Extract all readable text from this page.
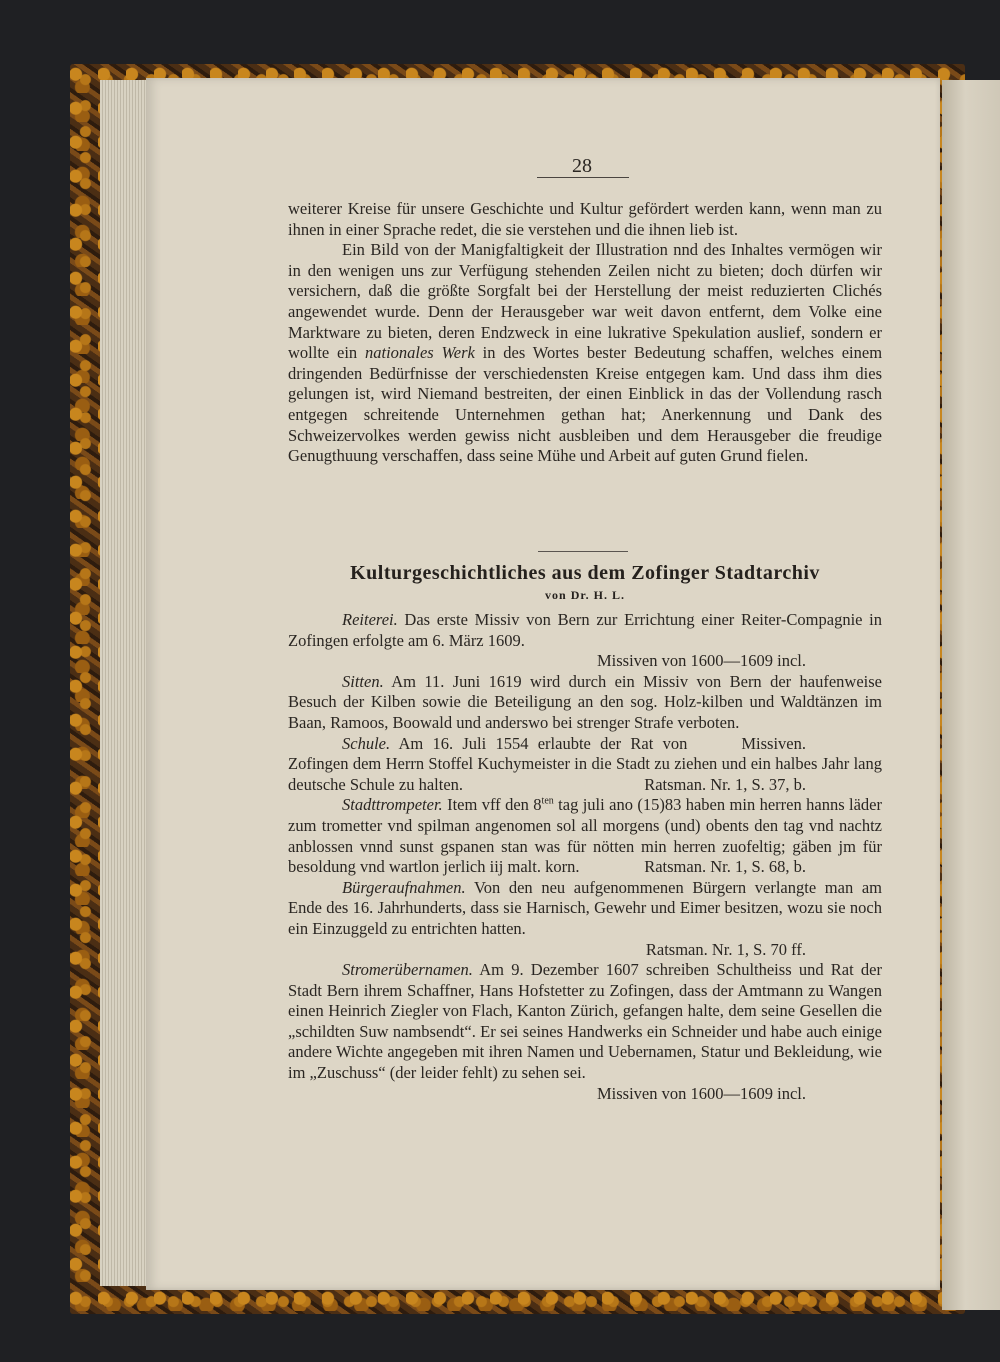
28

weiterer Kreise für unsere Geschichte und Kultur gefördert werden kann, wenn man zu ihnen in einer Sprache redet, die sie verstehen und die ihnen lieb ist.

Ein Bild von der Manigfaltigkeit der Illustration nnd des Inhaltes vermögen wir in den wenigen uns zur Verfügung stehenden Zeilen nicht zu bieten; doch dürfen wir versichern, daß die größte Sorgfalt bei der Herstellung der meist reduzierten Clichés angewendet wurde. Denn der Herausgeber war weit davon entfernt, dem Volke eine Marktware zu bieten, deren Endzweck in eine lukrative Spekulation auslief, sondern er wollte ein nationales Werk in des Wortes bester Bedeutung schaffen, welches einem dringenden Bedürfnisse der verschiedensten Kreise entgegen kam. Und dass ihm dies gelungen ist, wird Niemand bestreiten, der einen Einblick in das der Vollendung rasch entgegen schreitende Unternehmen gethan hat; Anerkennung und Dank des Schweizervolkes werden gewiss nicht ausbleiben und dem Herausgeber die freudige Genugthuung verschaffen, dass seine Mühe und Arbeit auf guten Grund fielen.

Kulturgeschichtliches aus dem Zofinger Stadtarchiv
von Dr. H. L.

Reiterei. Das erste Missiv von Bern zur Errichtung einer Reiter-Compagnie in Zofingen erfolgte am 6. März 1609.

Missiven von 1600—1609 incl.

Sitten. Am 11. Juni 1619 wird durch ein Missiv von Bern der haufenweise Besuch der Kilben sowie die Beteiligung an den sog. Holz-kilben und Waldtänzen im Baan, Ramoos, Boowald und anderswo bei strenger Strafe verboten.
Missiven.

Schule. Am 16. Juli 1554 erlaubte der Rat von Zofingen dem Herrn Stoffel Kuchymeister in die Stadt zu ziehen und ein halbes Jahr lang deutsche Schule zu halten.	Ratsman. Nr. 1, S. 37, b.

Stadttrompeter. Item vff den $8^{ten}$ tag juli ano (15)83 haben min herren hanns läder zum trometter vnd spilman angenomen sol all morgens (und) obents den tag vnd nachtz anblossen vnnd sunst gspanen stan was für nötten min herren zuofeltig; gäben jm für besoldung vnd wartlon jerlich iij malt. korn.	Ratsman. Nr. 1, S. 68, b.

Bürgeraufnahmen. Von den neu aufgenommenen Bürgern verlangte man am Ende des 16. Jahrhunderts, dass sie Harnisch, Gewehr und Eimer besitzen, wozu sie noch ein Einzuggeld zu entrichten hatten.

Ratsman. Nr. 1, S. 70 ff.

Stromerübernamen. Am 9. Dezember 1607 schreiben Schultheiss und Rat der Stadt Bern ihrem Schaffner, Hans Hofstetter zu Zofingen, dass der Amtmann zu Wangen einen Heinrich Ziegler von Flach, Kanton Zürich, gefangen halte, dem seine Gesellen die „schildten Suw nambsendt“. Er sei seines Handwerks ein Schneider und habe auch einige andere Wichte angegeben mit ihren Namen und Uebernamen, Statur und Bekleidung, wie im „Zuschuss“ (der leider fehlt) zu sehen sei.

Missiven von 1600—1609 incl.
